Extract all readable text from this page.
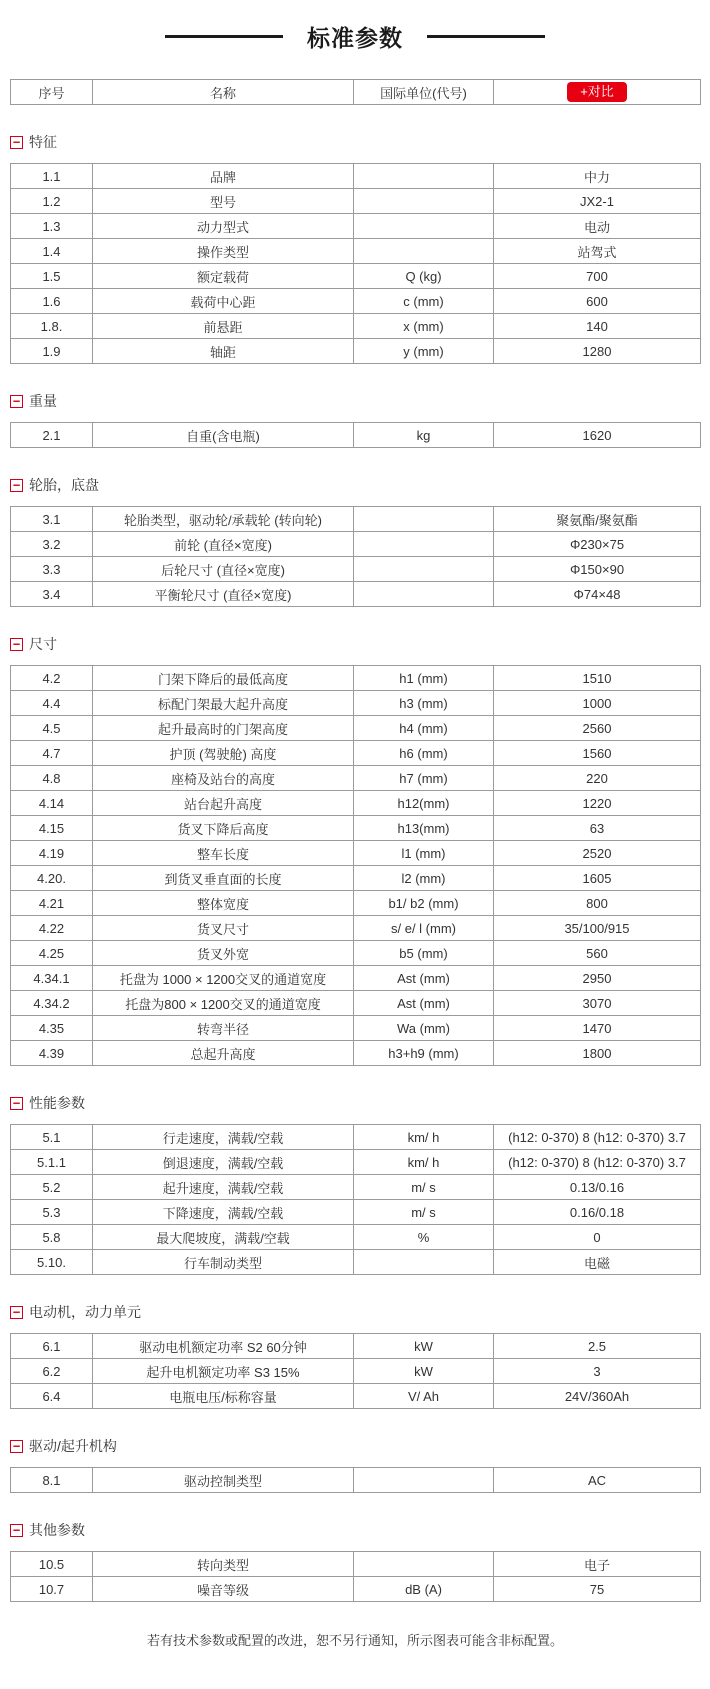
标准参数
序号	名称	国际单位(代号)	+对比
− 特征
1.1	品牌		中力
1.2	型号		JX2-1
1.3	动力型式		电动
1.4	操作类型		站驾式
1.5	额定载荷	Q (kg)	700
1.6	载荷中心距	c (mm)	600
1.8.	前悬距	x (mm)	140
1.9	轴距	y (mm)	1280
− 重量
2.1	自重(含电瓶)	kg	1620
− 轮胎，底盘
3.1	轮胎类型，驱动轮/承载轮 (转向轮)		聚氨酯/聚氨酯
3.2	前轮 (直径×宽度)		Φ230×75
3.3	后轮尺寸 (直径×宽度)		Φ150×90
3.4	平衡轮尺寸 (直径×宽度)		Φ74×48
− 尺寸
4.2	门架下降后的最低高度	h1 (mm)	1510
4.4	标配门架最大起升高度	h3 (mm)	1000
4.5	起升最高时的门架高度	h4 (mm)	2560
4.7	护顶 (驾驶舱) 高度	h6 (mm)	1560
4.8	座椅及站台的高度	h7 (mm)	220
4.14	站台起升高度	h12(mm)	1220
4.15	货叉下降后高度	h13(mm)	63
4.19	整车长度	l1 (mm)	2520
4.20.	到货叉垂直面的长度	l2 (mm)	1605
4.21	整体宽度	b1/ b2 (mm)	800
4.22	货叉尺寸	s/ e/ l (mm)	35/100/915
4.25	货叉外宽	b5 (mm)	560
4.34.1	托盘为 1000 × 1200交叉的通道宽度	Ast (mm)	2950
4.34.2	托盘为800 × 1200交叉的通道宽度	Ast (mm)	3070
4.35	转弯半径	Wa (mm)	1470
4.39	总起升高度	h3+h9 (mm)	1800
− 性能参数
5.1	行走速度，满载/空载	km/ h	(h12: 0-370) 8 (h12: 0-370) 3.7
5.1.1	倒退速度，满载/空载	km/ h	(h12: 0-370) 8 (h12: 0-370) 3.7
5.2	起升速度，满载/空载	m/ s	0.13/0.16
5.3	下降速度，满载/空载	m/ s	0.16/0.18
5.8	最大爬坡度，满载/空载	%	0
5.10.	行车制动类型		电磁
− 电动机，动力单元
6.1	驱动电机额定功率 S2 60分钟	kW	2.5
6.2	起升电机额定功率 S3 15%	kW	3
6.4	电瓶电压/标称容量	V/ Ah	24V/360Ah
− 驱动/起升机构
8.1	驱动控制类型		AC
− 其他参数
10.5	转向类型		电子
10.7	噪音等级	dB (A)	75
若有技术参数或配置的改进，恕不另行通知，所示图表可能含非标配置。
